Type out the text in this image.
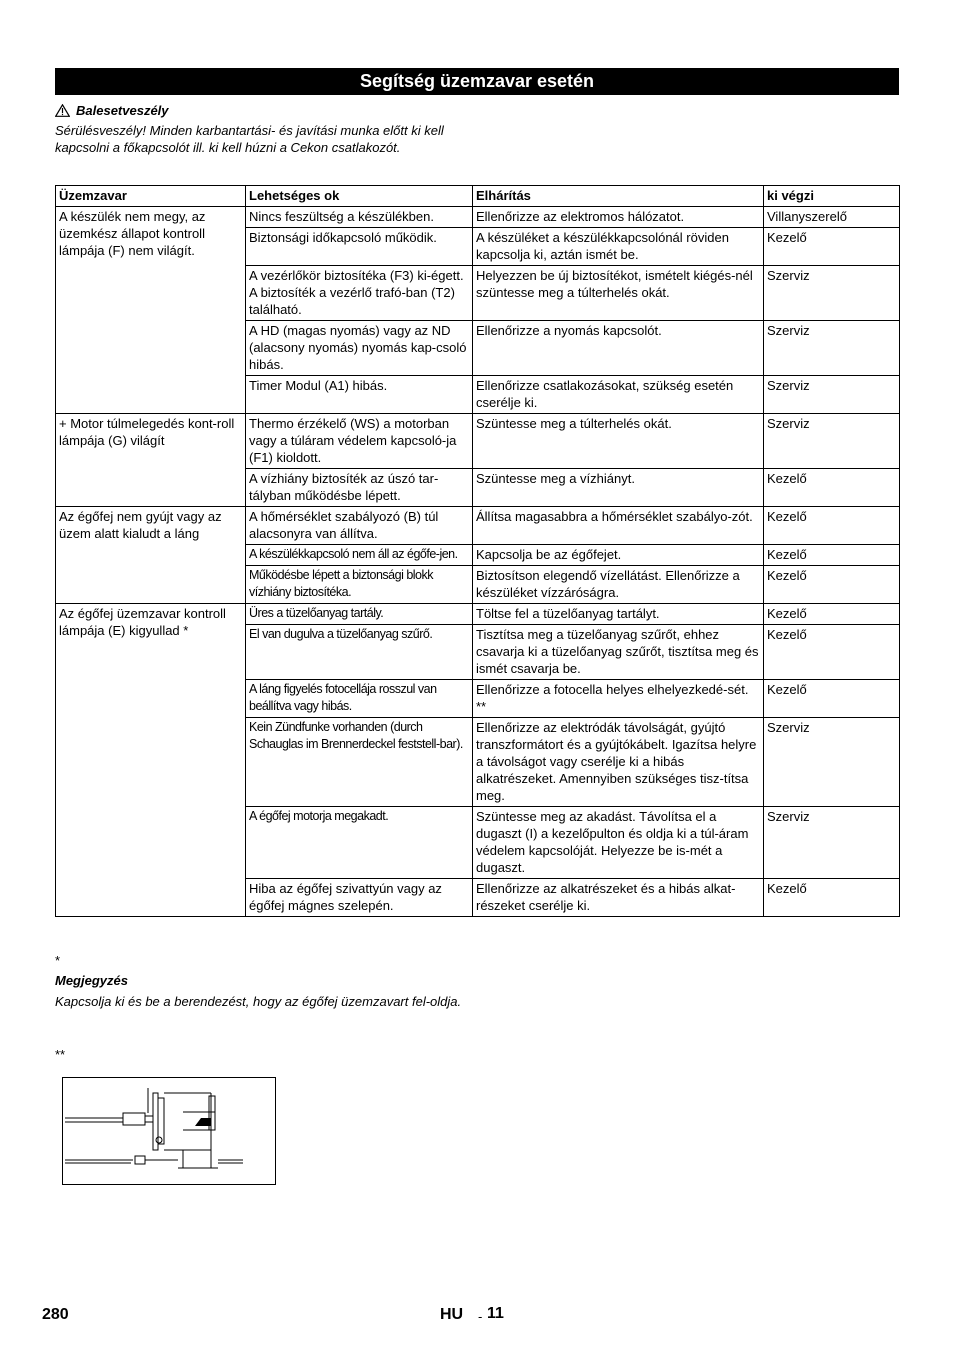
Segítség üzemzavar esetén
Balesetveszély
Sérülésveszély! Minden karbantartási- és javítási munka előtt ki kell kapcsolni a főkapcsolót ill. ki kell húzni a Cekon csatlakozót.
Üzemzavar	Lehetséges ok	Elhárítás	ki végzi
A készülék nem megy, az üzemkész állapot kontroll lámpája (F) nem világít.	Nincs feszültség a készülékben.	Ellenőrizze az elektromos hálózatot.	Villanyszerelő
	Biztonsági időkapcsoló működik.	A készüléket a készülékkapcsolónál röviden kapcsolja ki, aztán ismét be.	Kezelő
	A vezérlőkör biztosítéka (F3) ki-égett. A biztosíték a vezérlő trafó-ban (T2) található.	Helyezzen be új biztosítékot, ismételt kiégés-nél szüntesse meg a túlterhelés okát.	Szerviz
	A HD (magas nyomás) vagy az ND (alacsony nyomás) nyomás kap-csoló hibás.	Ellenőrizze a nyomás kapcsolót.	Szerviz
	Timer Modul (A1) hibás.	Ellenőrizze csatlakozásokat, szükség esetén cserélje ki.	Szerviz
+ Motor túlmelegedés kont-roll lámpája (G) világít	Thermo érzékelő (WS) a motorban vagy a túláram védelem kapcsoló-ja (F1) kioldott.	Szüntesse meg a túlterhelés okát.	Szerviz
	A vízhiány biztosíték az úszó tar-tályban működésbe lépett.	Szüntesse meg a vízhiányt.	Kezelő
Az égőfej nem gyújt vagy az üzem alatt kialudt a láng	A hőmérséklet szabályozó (B) túl alacsonyra van állítva.	Állítsa magasabbra a hőmérséklet szabályo-zót.	Kezelő
	A készülékkapcsoló nem áll az égőfe-jen.	Kapcsolja be az égőfejet.	Kezelő
	Működésbe lépett a biztonsági blokk vízhiány biztosítéka.	Biztosítson elegendő vízellátást. Ellenőrizze a készüléket vízzáróságra.	Kezelő
Az égőfej üzemzavar kontroll lámpája (E) kigyullad *	Üres a tüzelőanyag tartály.	Töltse fel a tüzelőanyag tartályt.	Kezelő
	El van dugulva a tüzelőanyag szűrő.	Tisztítsa meg a tüzelőanyag szűrőt, ehhez csavarja ki a tüzelőanyag szűrőt, tisztítsa meg és ismét csavarja be.	Kezelő
	A láng figyelés fotocellája rosszul van beállítva vagy hibás.	Ellenőrizze a fotocella helyes elhelyezkedé-sét. **	Kezelő
	Kein Zündfunke vorhanden (durch Schauglas im Brennerdeckel feststell-bar).	Ellenőrizze az elektródák távolságát, gyújtó transzformátort és a gyújtókábelt. Igazítsa helyre a távolságot vagy cserélje ki a hibás alkatrészeket. Amennyiben szükséges tisz-títsa meg.	Szerviz
	A égőfej motorja megakadt.	Szüntesse meg az akadást. Távolítsa el a dugaszt (I) a kezelőpulton és oldja ki a túl-áram védelem kapcsolóját. Helyezze be is-mét a dugaszt.	Szerviz
	Hiba az égőfej szivattyún vagy az égőfej mágnes szelepén.	Ellenőrizze az alkatrészeket és a hibás alkat-részeket cserélje ki.	Kezelő
*
Megjegyzés
Kapcsolja ki és be a berendezést, hogy az égőfej üzemzavart fel-oldja.
**
280	HU - 11
